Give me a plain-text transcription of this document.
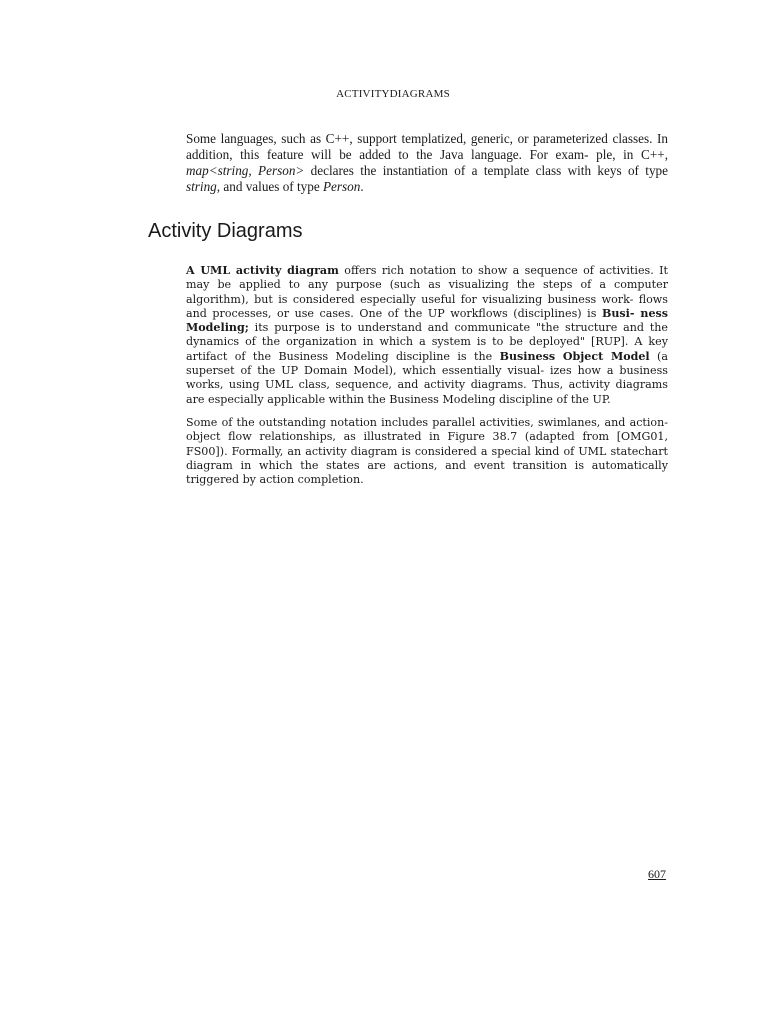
ACTIVITYDIAGRAMS

Some languages, such as C++, support templatized, generic, or parameterized classes. In addition, this feature will be added to the Java language. For exam- ple, in C++, map<string, Person> declares the instantiation of a template class with keys of type string, and values of type Person.

Activity Diagrams

A UML activity diagram offers rich notation to show a sequence of activities. It may be applied to any purpose (such as visualizing the steps of a computer algorithm), but is considered especially useful for visualizing business work- flows and processes, or use cases. One of the UP workflows (disciplines) is Busi- ness Modeling; its purpose is to understand and communicate "the structure and the dynamics of the organization in which a system is to be deployed" [RUP]. A key artifact of the Business Modeling discipline is the Business Object Model (a superset of the UP Domain Model), which essentially visual- izes how a business works, using UML class, sequence, and activity diagrams. Thus, activity diagrams are especially applicable within the Business Modeling discipline of the UP.

Some of the outstanding notation includes parallel activities, swimlanes, and action-object flow relationships, as illustrated in Figure 38.7 (adapted from [OMG01, FS00]). Formally, an activity diagram is considered a special kind of UML statechart diagram in which the states are actions, and event transition is automatically triggered by action completion.

607
